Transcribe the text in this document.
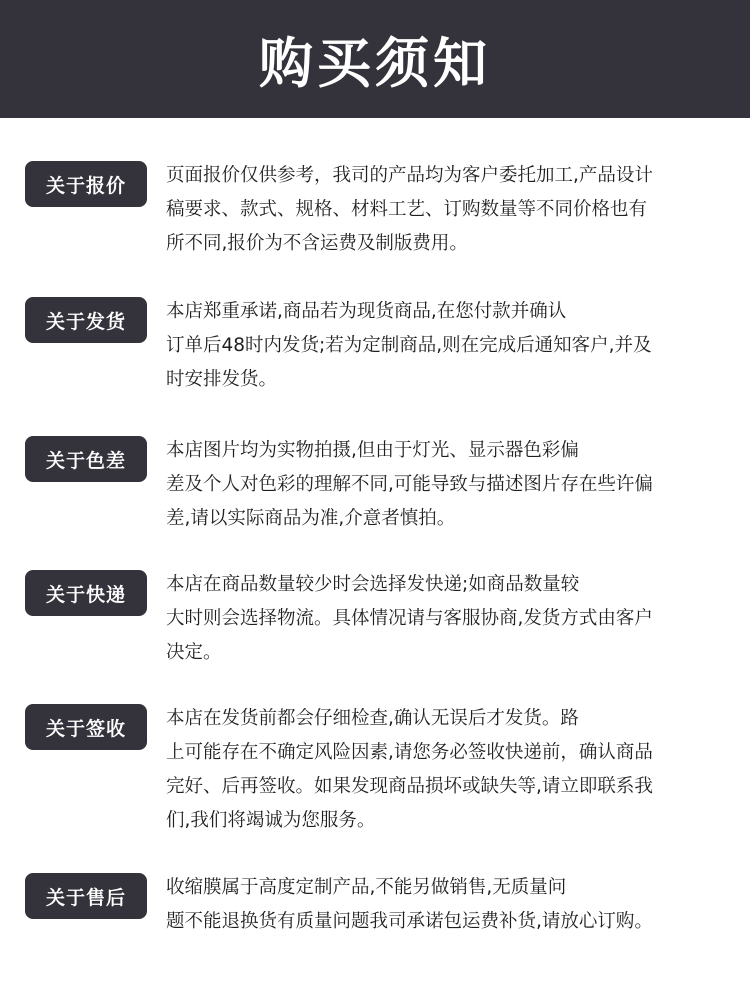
购买须知
关于报价	页面报价仅供参考，我司的产品均为客户委托加工,产品设计
稿要求、款式、规格、材料工艺、订购数量等不同价格也有
所不同,报价为不含运费及制版费用。
关于发货	本店郑重承诺,商品若为现货商品,在您付款并确认
订单后48时内发货;若为定制商品,则在完成后通知客户,并及
时安排发货。
关于色差	本店图片均为实物拍摄,但由于灯光、显示器色彩偏
差及个人对色彩的理解不同,可能导致与描述图片存在些许偏
差,请以实际商品为准,介意者慎拍。
关于快递	本店在商品数量较少时会选择发快递;如商品数量较
大时则会选择物流。具体情况请与客服协商,发货方式由客户
决定。
关于签收	本店在发货前都会仔细检查,确认无误后才发货。路
上可能存在不确定风险因素,请您务必签收快递前，确认商品
完好、后再签收。如果发现商品损坏或缺失等,请立即联系我
们,我们将竭诚为您服务。
关于售后	收缩膜属于高度定制产品,不能另做销售,无质量问
题不能退换货有质量问题我司承诺包运费补货,请放心订购。
